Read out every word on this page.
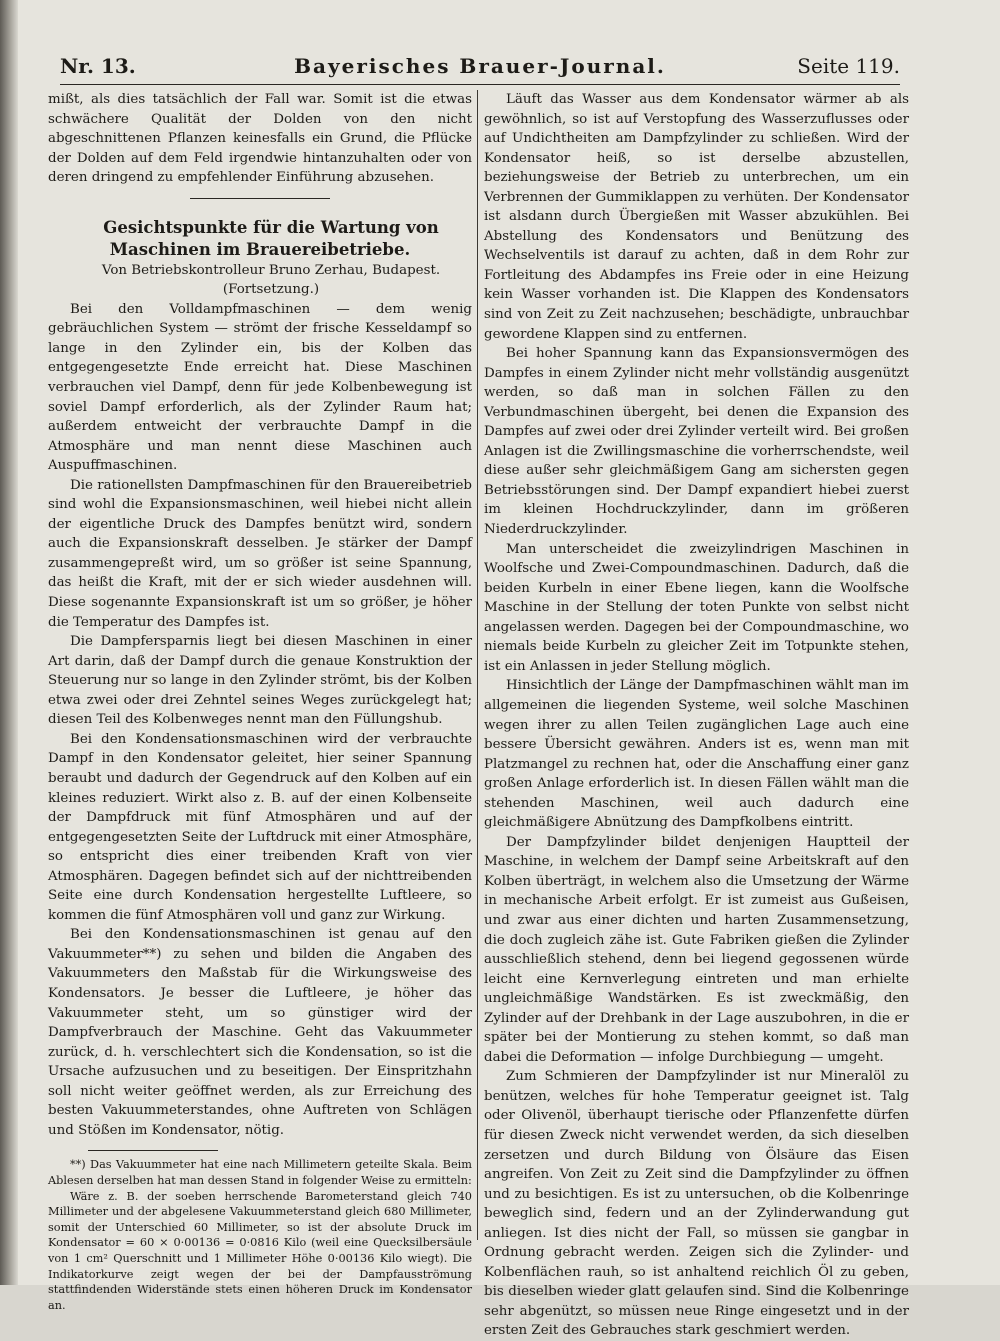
Bayerisches Brauer-Journal.
Nr. 13.	Seite 119.

mißt, als dies tatsächlich der Fall war. Somit ist die etwas schwächere Qualität der Dolden von den nicht abgeschnittenen Pflanzen keinesfalls ein Grund, die Pflücke der Dolden auf dem Feld irgendwie hintanzuhalten oder von deren dringend zu empfehlender Einführung abzusehen.

Gesichtspunkte für die Wartung von Maschinen im Brauereibetriebe.

Von Betriebskontrolleur Bruno Zerhau, Budapest.

(Fortsetzung.)

Bei den Volldampfmaschinen — dem wenig gebräuchlichen System — strömt der frische Kesseldampf so lange in den Zylinder ein, bis der Kolben das entgegengesetzte Ende erreicht hat. Diese Maschinen verbrauchen viel Dampf, denn für jede Kolbenbewegung ist soviel Dampf erforderlich, als der Zylinder Raum hat; außerdem entweicht der verbrauchte Dampf in die Atmosphäre und man nennt diese Maschinen auch Auspuffmaschinen.

Die rationellsten Dampfmaschinen für den Brauereibetrieb sind wohl die Expansionsmaschinen, weil hiebei nicht allein der eigentliche Druck des Dampfes benützt wird, sondern auch die Expansionskraft desselben. Je stärker der Dampf zusammengepreßt wird, um so größer ist seine Spannung, das heißt die Kraft, mit der er sich wieder ausdehnen will. Diese sogenannte Expansionskraft ist um so größer, je höher die Temperatur des Dampfes ist.

Die Dampfersparnis liegt bei diesen Maschinen in einer Art darin, daß der Dampf durch die genaue Konstruktion der Steuerung nur so lange in den Zylinder strömt, bis der Kolben etwa zwei oder drei Zehntel seines Weges zurückgelegt hat; diesen Teil des Kolbenweges nennt man den Füllungshub.

Bei den Kondensationsmaschinen wird der verbrauchte Dampf in den Kondensator geleitet, hier seiner Spannung beraubt und dadurch der Gegendruck auf den Kolben auf ein kleines reduziert. Wirkt also z. B. auf der einen Kolbenseite der Dampfdruck mit fünf Atmosphären und auf der entgegengesetzten Seite der Luftdruck mit einer Atmosphäre, so entspricht dies einer treibenden Kraft von vier Atmosphären. Dagegen befindet sich auf der nichttreibenden Seite eine durch Kondensation hergestellte Luftleere, so kommen die fünf Atmosphären voll und ganz zur Wirkung.

Bei den Kondensationsmaschinen ist genau auf den Vakuummeter**) zu sehen und bilden die Angaben des Vakuummeters den Maßstab für die Wirkungsweise des Kondensators. Je besser die Luftleere, je höher das Vakuummeter steht, um so günstiger wird der Dampfverbrauch der Maschine. Geht das Vakuummeter zurück, d. h. verschlechtert sich die Kondensation, so ist die Ursache aufzusuchen und zu beseitigen. Der Einspritzhahn soll nicht weiter geöffnet werden, als zur Erreichung des besten Vakuummeterstandes, ohne Auftreten von Schlägen und Stößen im Kondensator, nötig.

**) Das Vakuummeter hat eine nach Millimetern geteilte Skala. Beim Ablesen derselben hat man dessen Stand in folgender Weise zu ermitteln:

Wäre z. B. der soeben herrschende Barometerstand gleich 740 Millimeter und der abgelesene Vakuummeterstand gleich 680 Millimeter, somit der Unterschied 60 Millimeter, so ist der absolute Druck im Kondensator = 60 × 0·00136 = 0·0816 Kilo (weil eine Quecksilbersäule von 1 cm² Querschnitt und 1 Millimeter Höhe 0·00136 Kilo wiegt). Die Indikatorkurve zeigt wegen der bei der Dampfausströmung stattfindenden Widerstände stets einen höheren Druck im Kondensator an.

Läuft das Wasser aus dem Kondensator wärmer ab als gewöhnlich, so ist auf Verstopfung des Wasserzuflusses oder auf Undichtheiten am Dampfzylinder zu schließen. Wird der Kondensator heiß, so ist derselbe abzustellen, beziehungsweise der Betrieb zu unterbrechen, um ein Verbrennen der Gummiklappen zu verhüten. Der Kondensator ist alsdann durch Übergießen mit Wasser abzukühlen. Bei Abstellung des Kondensators und Benützung des Wechselventils ist darauf zu achten, daß in dem Rohr zur Fortleitung des Abdampfes ins Freie oder in eine Heizung kein Wasser vorhanden ist. Die Klappen des Kondensators sind von Zeit zu Zeit nachzusehen; beschädigte, unbrauchbar gewordene Klappen sind zu entfernen.

Bei hoher Spannung kann das Expansionsvermögen des Dampfes in einem Zylinder nicht mehr vollständig ausgenützt werden, so daß man in solchen Fällen zu den Verbundmaschinen übergeht, bei denen die Expansion des Dampfes auf zwei oder drei Zylinder verteilt wird. Bei großen Anlagen ist die Zwillingsmaschine die vorherrschendste, weil diese außer sehr gleichmäßigem Gang am sichersten gegen Betriebsstörungen sind. Der Dampf expandiert hiebei zuerst im kleinen Hochdruckzylinder, dann im größeren Niederdruckzylinder.

Man unterscheidet die zweizylindrigen Maschinen in Woolfsche und Zwei-Compoundmaschinen. Dadurch, daß die beiden Kurbeln in einer Ebene liegen, kann die Woolfsche Maschine in der Stellung der toten Punkte von selbst nicht angelassen werden. Dagegen bei der Compoundmaschine, wo niemals beide Kurbeln zu gleicher Zeit im Totpunkte stehen, ist ein Anlassen in jeder Stellung möglich.

Hinsichtlich der Länge der Dampfmaschinen wählt man im allgemeinen die liegenden Systeme, weil solche Maschinen wegen ihrer zu allen Teilen zugänglichen Lage auch eine bessere Übersicht gewähren. Anders ist es, wenn man mit Platzmangel zu rechnen hat, oder die Anschaffung einer ganz großen Anlage erforderlich ist. In diesen Fällen wählt man die stehenden Maschinen, weil auch dadurch eine gleichmäßigere Abnützung des Dampfkolbens eintritt.

Der Dampfzylinder bildet denjenigen Hauptteil der Maschine, in welchem der Dampf seine Arbeitskraft auf den Kolben überträgt, in welchem also die Umsetzung der Wärme in mechanische Arbeit erfolgt. Er ist zumeist aus Gußeisen, und zwar aus einer dichten und harten Zusammensetzung, die doch zugleich zähe ist. Gute Fabriken gießen die Zylinder ausschließlich stehend, denn bei liegend gegossenen würde leicht eine Kernverlegung eintreten und man erhielte ungleichmäßige Wandstärken. Es ist zweckmäßig, den Zylinder auf der Drehbank in der Lage auszubohren, in die er später bei der Montierung zu stehen kommt, so daß man dabei die Deformation — infolge Durchbiegung — umgeht.

Zum Schmieren der Dampfzylinder ist nur Mineralöl zu benützen, welches für hohe Temperatur geeignet ist. Talg oder Olivenöl, überhaupt tierische oder Pflanzenfette dürfen für diesen Zweck nicht verwendet werden, da sich dieselben zersetzen und durch Bildung von Ölsäure das Eisen angreifen. Von Zeit zu Zeit sind die Dampfzylinder zu öffnen und zu besichtigen. Es ist zu untersuchen, ob die Kolbenringe beweglich sind, federn und an der Zylinderwandung gut anliegen. Ist dies nicht der Fall, so müssen sie gangbar in Ordnung gebracht werden. Zeigen sich die Zylinder- und Kolbenflächen rauh, so ist anhaltend reichlich Öl zu geben, bis dieselben wieder glatt gelaufen sind. Sind die Kolbenringe sehr abgenützt, so müssen neue Ringe eingesetzt und in der ersten Zeit des Gebrauches stark geschmiert werden.
